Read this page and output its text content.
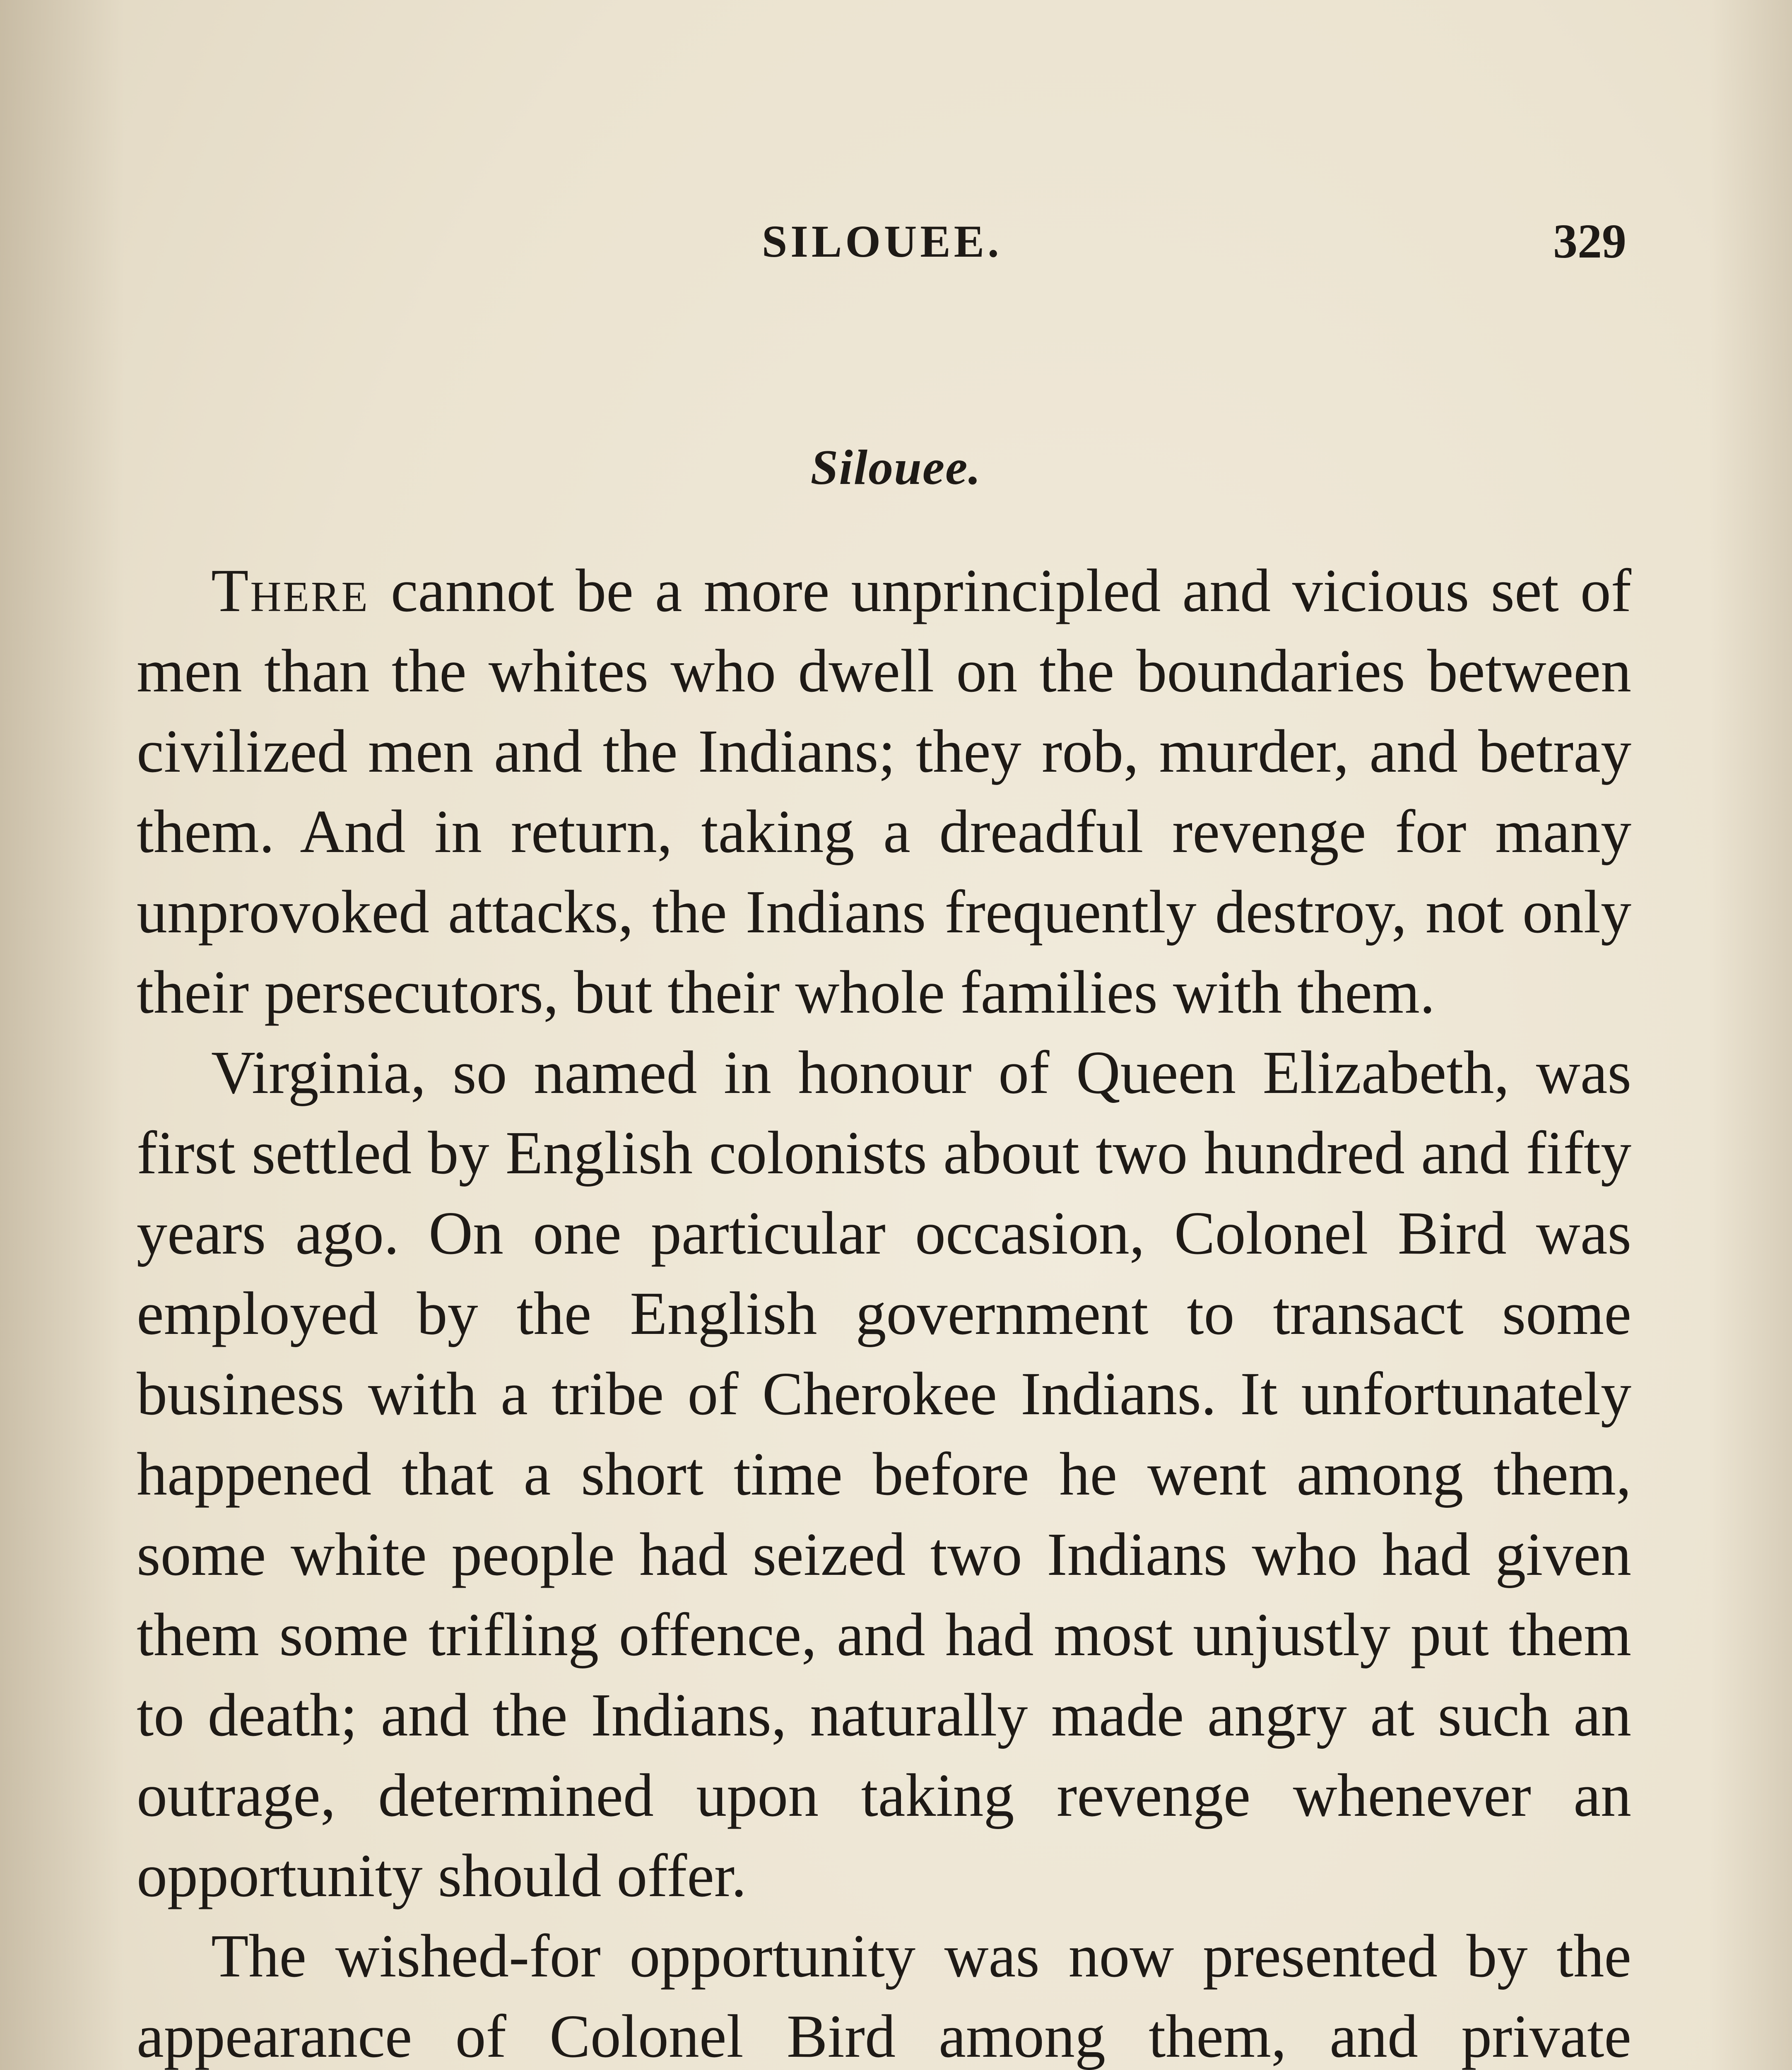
SILOUEE.	329
Silouee.

There cannot be a more unprincipled and vicious set of men than the whites who dwell on the boundaries between civilized men and the Indians; they rob, murder, and betray them. And in return, taking a dreadful revenge for many unprovoked attacks, the Indians frequently destroy, not only their persecutors, but their whole families with them.

Virginia, so named in honour of Queen Elizabeth, was first settled by English colonists about two hundred and fifty years ago. On one particular occasion, Colonel Bird was employed by the English government to transact some business with a tribe of Cherokee Indians. It unfortunately happened that a short time before he went among them, some white people had seized two Indians who had given them some trifling offence, and had most unjustly put them to death; and the Indians, naturally made angry at such an outrage, determined upon taking revenge whenever an opportunity should offer.

The wished-for opportunity was now presented by the appearance of Colonel Bird among them, and private
